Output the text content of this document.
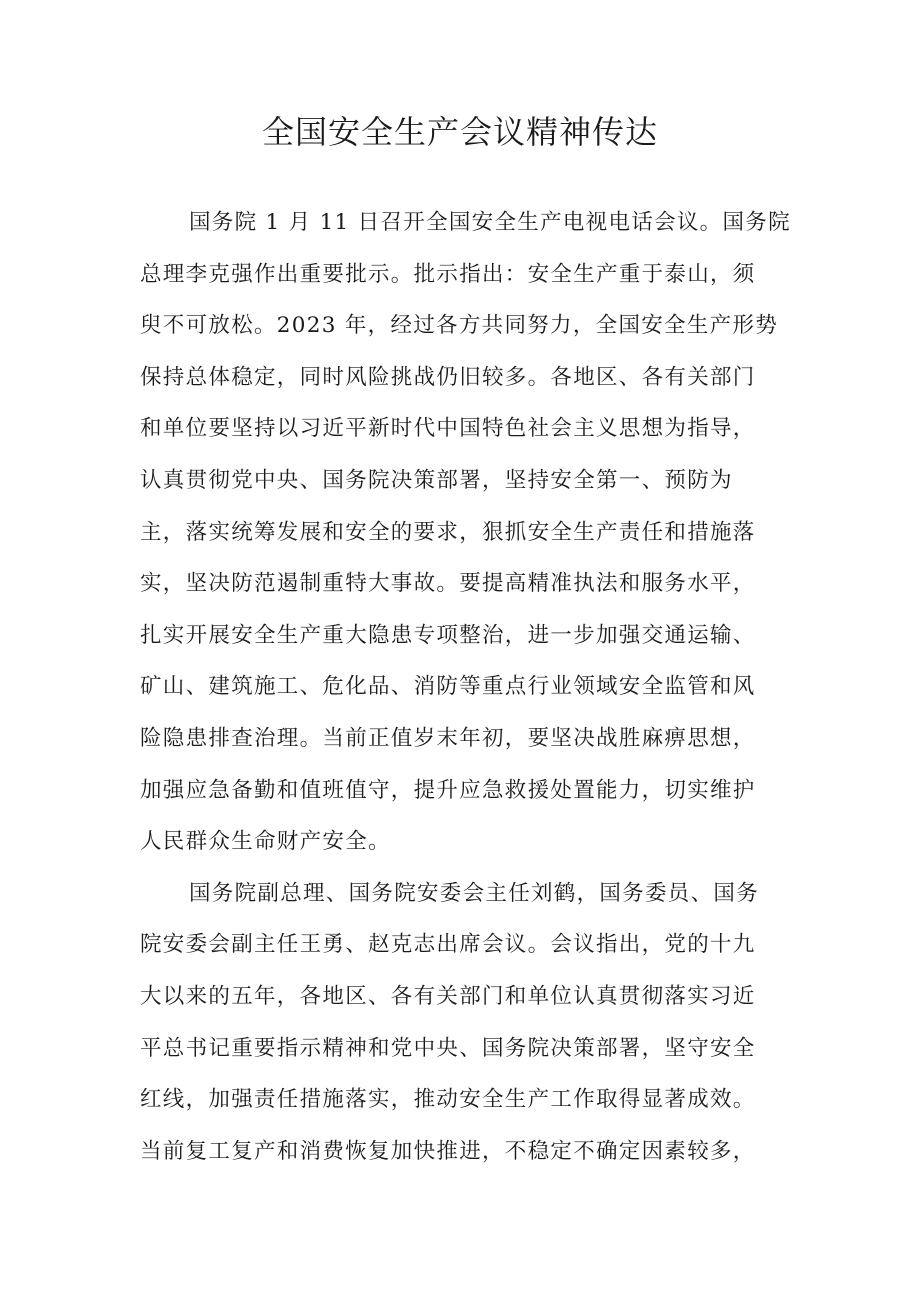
全国安全生产会议精神传达
国务院 1 月 11 日召开全国安全生产电视电话会议。国务院
总理李克强作出重要批示。批示指出：安全生产重于泰山，须
臾不可放松。2023 年，经过各方共同努力，全国安全生产形势
保持总体稳定，同时风险挑战仍旧较多。各地区、各有关部门
和单位要坚持以习近平新时代中国特色社会主义思想为指导，
认真贯彻党中央、国务院决策部署，坚持安全第一、预防为
主，落实统筹发展和安全的要求，狠抓安全生产责任和措施落
实，坚决防范遏制重特大事故。要提高精准执法和服务水平，
扎实开展安全生产重大隐患专项整治，进一步加强交通运输、
矿山、建筑施工、危化品、消防等重点行业领域安全监管和风
险隐患排查治理。当前正值岁末年初，要坚决战胜麻痹思想，
加强应急备勤和值班值守，提升应急救援处置能力，切实维护
人民群众生命财产安全。
国务院副总理、国务院安委会主任刘鹤，国务委员、国务
院安委会副主任王勇、赵克志出席会议。会议指出，党的十九
大以来的五年，各地区、各有关部门和单位认真贯彻落实习近
平总书记重要指示精神和党中央、国务院决策部署，坚守安全
红线，加强责任措施落实，推动安全生产工作取得显著成效。
当前复工复产和消费恢复加快推进，不稳定不确定因素较多，
